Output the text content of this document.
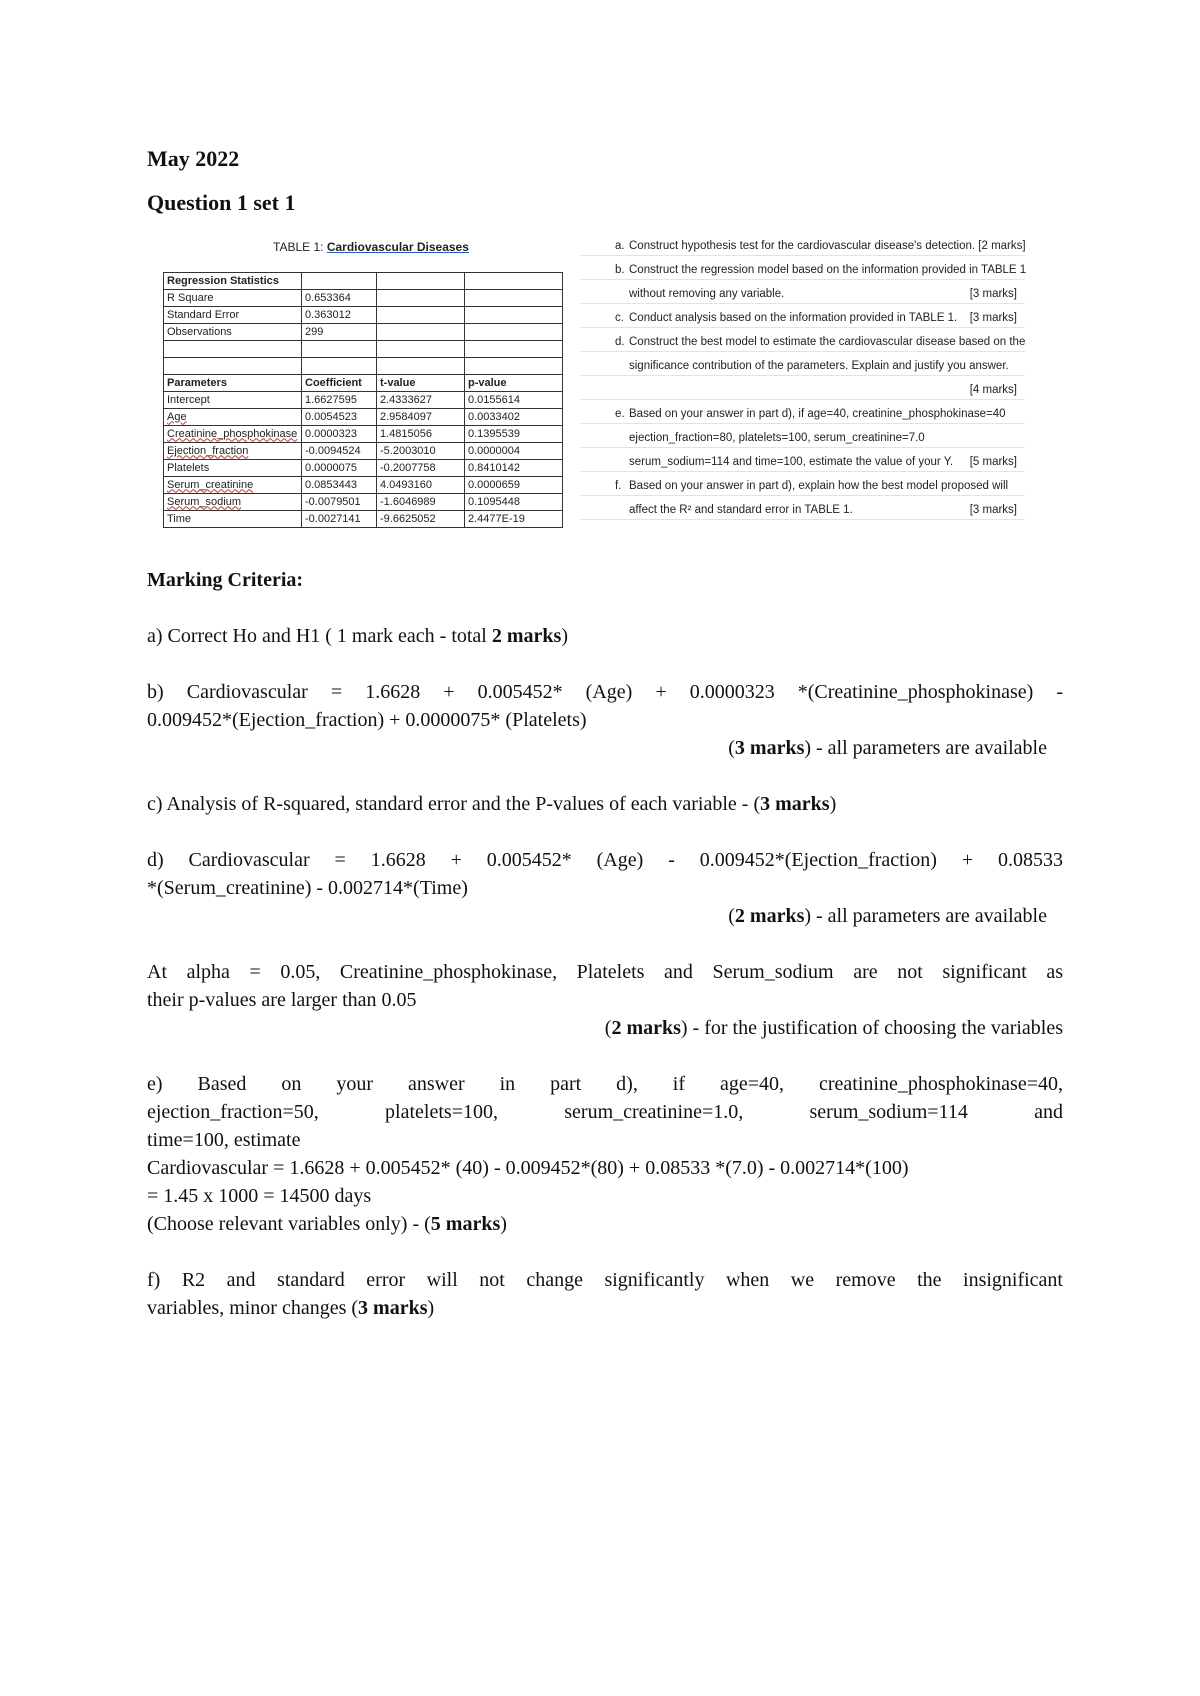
May 2022
Question 1 set 1
TABLE 1: Cardiovascular Diseases
Regression Statistics			
R Square	0.653364		
Standard Error	0.363012		
Observations	299		

Parameters	Coefficient	t-value	p-value
Intercept	1.6627595	2.4333627	0.0155614
Age	0.0054523	2.9584097	0.0033402
Creatinine_phosphokinase	0.0000323	1.4815056	0.1395539
Ejection_fraction	-0.0094524	-5.2003010	0.0000004
Platelets	0.0000075	-0.2007758	0.8410142
Serum_creatinine	0.0853443	4.0493160	0.0000659
Serum_sodium	-0.0079501	-1.6046989	0.1095448
Time	-0.0027141	-9.6625052	2.4477E-19
a. Construct hypothesis test for the cardiovascular disease's detection. [2 marks]
b. Construct the regression model based on the information provided in TABLE 1
without removing any variable.	[3 marks]
c. Conduct analysis based on the information provided in TABLE 1. [3 marks]
d. Construct the best model to estimate the cardiovascular disease based on the
significance contribution of the parameters. Explain and justify you answer.
[4 marks]
e. Based on your answer in part d), if age=40, creatinine_phosphokinase=40
ejection_fraction=80, platelets=100, serum_creatinine=7.0
serum_sodium=114 and time=100, estimate the value of your Y. [5 marks]
f. Based on your answer in part d), explain how the best model proposed will
affect the R² and standard error in TABLE 1.	[3 marks]
Marking Criteria:
a) Correct Ho and H1 ( 1 mark each - total 2 marks)
b) Cardiovascular = 1.6628 + 0.005452* (Age) + 0.0000323 *(Creatinine_phosphokinase) -
0.009452*(Ejection_fraction) + 0.0000075* (Platelets)
(3 marks) - all parameters are available
c) Analysis of R-squared, standard error and the P-values of each variable - (3 marks)
d) Cardiovascular = 1.6628 + 0.005452* (Age) - 0.009452*(Ejection_fraction) + 0.08533
*(Serum_creatinine) - 0.002714*(Time)
(2 marks) - all parameters are available
At alpha = 0.05, Creatinine_phosphokinase, Platelets and Serum_sodium are not significant as
their p-values are larger than 0.05
(2 marks) - for the justification of choosing the variables
e) Based on your answer in part d), if age=40, creatinine_phosphokinase=40,
ejection_fraction=50, platelets=100, serum_creatinine=1.0, serum_sodium=114 and
time=100, estimate
Cardiovascular = 1.6628 + 0.005452* (40) - 0.009452*(80) + 0.08533 *(7.0) - 0.002714*(100)
= 1.45 x 1000 = 14500 days
(Choose relevant variables only) - (5 marks)
f) R2 and standard error will not change significantly when we remove the insignificant
variables, minor changes (3 marks)
